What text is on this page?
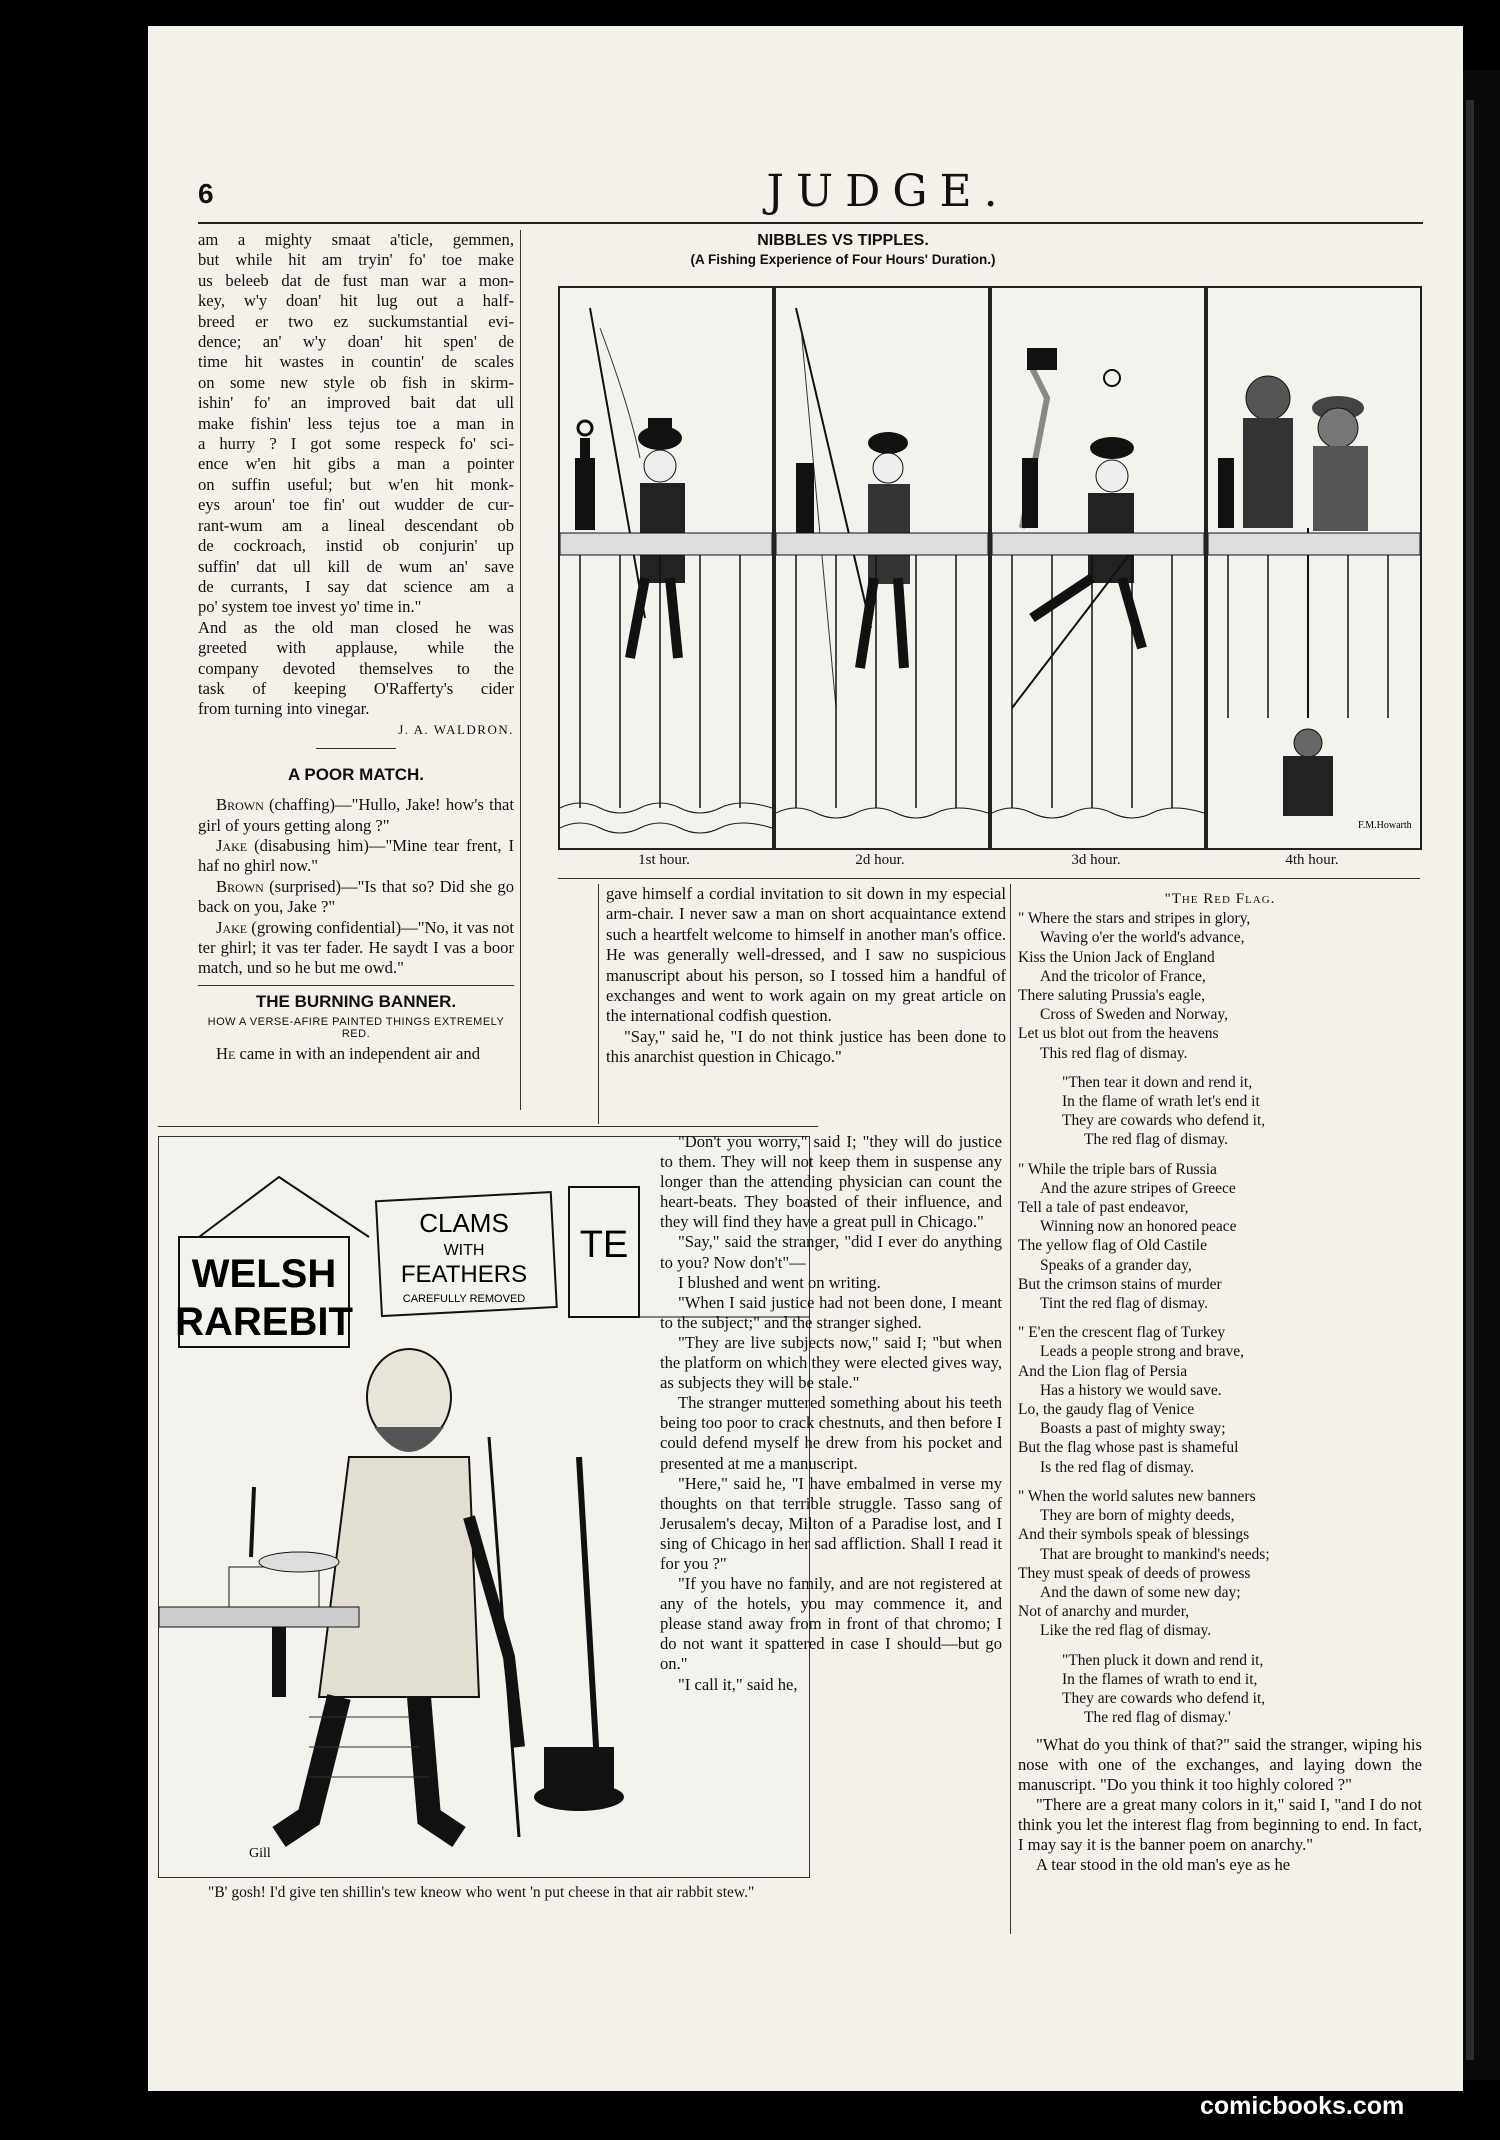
6	JUDGE.
am a mighty smaat a'ticle, gemmen,
but while hit am tryin' fo' toe make
us beleeb dat de fust man war a mon-
key, w'y doan' hit lug out a half-
breed er two ez suckumstantial evi-
dence; an' w'y doan' hit spen' de
time hit wastes in countin' de scales
on some new style ob fish in skirm-
ishin' fo' an improved bait dat ull
make fishin' less tejus toe a man in
a hurry ? I got some respeck fo' sci-
ence w'en hit gibs a man a pointer
on suffin useful; but w'en hit monk-
eys aroun' toe fin' out wudder de cur-
rant-wum am a lineal descendant ob
de cockroach, instid ob conjurin' up
suffin' dat ull kill de wum an' save
de currants, I say dat science am a
po' system toe invest yo' time in."
And as the old man closed he was
greeted with applause, while the
company devoted themselves to the
task of keeping O'Rafferty's cider
from turning into vinegar.

J. A. WALDRON.

A POOR MATCH.

Brown (chaffing)—"Hullo, Jake! how's that girl of yours getting along ?"

Jake (disabusing him)—"Mine tear frent, I haf no ghirl now."

Brown (surprised)—"Is that so? Did she go back on you, Jake ?"

Jake (growing confidential)—"No, it vas not ter ghirl; it vas ter fader. He saydt I vas a boor match, und so he but me owd."

THE BURNING BANNER.
HOW A VERSE-AFIRE PAINTED THINGS EXTREMELY RED.

He came in with an independent air and

NIBBLES VS TIPPLES.
(A Fishing Experience of Four Hours' Duration.)
F.M.Howarth
1st hour.	2d hour.	3d hour.	4th hour.

gave himself a cordial invitation to sit down in my especial arm-chair. I never saw a man on short acquaintance extend such a heartfelt welcome to himself in another man's office. He was generally well-dressed, and I saw no suspicious manuscript about his person, so I tossed him a handful of exchanges and went to work again on my great article on the international codfish question.

"Say," said he, "I do not think justice has been done to this anarchist question in Chicago."

WELSH
RAREBIT
CLAMS
WITH
FEATHERS
CAREFULLY REMOVED
TE
Gill
"B' gosh! I'd give ten shillin's tew kneow who went 'n put cheese in that air rabbit stew."

"Don't you worry," said I; "they will do justice to them. They will not keep them in suspense any longer than the attending physician can count the heart-beats. They boasted of their influence, and they will find they have a great pull in Chicago."

"Say," said the stranger, "did I ever do anything to you? Now don't"—

I blushed and went on writing.

"When I said justice had not been done, I meant to the subject;" and the stranger sighed.

"They are live subjects now," said I; "but when the platform on which they were elected gives way, as subjects they will be stale."

The stranger muttered something about his teeth being too poor to crack chestnuts, and then before I could defend myself he drew from his pocket and presented at me a manuscript.

"Here," said he, "I have embalmed in verse my thoughts on that terrible struggle. Tasso sang of Jerusalem's decay, Milton of a Paradise lost, and I sing of Chicago in her sad affliction. Shall I read it for you ?"

"If you have no family, and are not registered at any of the hotels, you may commence it, and please stand away from in front of that chromo; I do not want it spattered in case I should—but go on."

"I call it," said he,

"The Red Flag.

" Where the stars and stripes in glory,

Waving o'er the world's advance,

Kiss the Union Jack of England

And the tricolor of France,

There saluting Prussia's eagle,

Cross of Sweden and Norway,

Let us blot out from the heavens

This red flag of dismay.

"Then tear it down and rend it,

In the flame of wrath let's end it

They are cowards who defend it,

The red flag of dismay.

" While the triple bars of Russia

And the azure stripes of Greece

Tell a tale of past endeavor,

Winning now an honored peace

The yellow flag of Old Castile

Speaks of a grander day,

But the crimson stains of murder

Tint the red flag of dismay.

" E'en the crescent flag of Turkey

Leads a people strong and brave,

And the Lion flag of Persia

Has a history we would save.

Lo, the gaudy flag of Venice

Boasts a past of mighty sway;

But the flag whose past is shameful

Is the red flag of dismay.

" When the world salutes new banners

They are born of mighty deeds,

And their symbols speak of blessings

That are brought to mankind's needs;

They must speak of deeds of prowess

And the dawn of some new day;

Not of anarchy and murder,

Like the red flag of dismay.

"Then pluck it down and rend it,

In the flames of wrath to end it,

They are cowards who defend it,

The red flag of dismay.'

"What do you think of that?" said the stranger, wiping his nose with one of the exchanges, and laying down the manuscript. "Do you think it too highly colored ?"

"There are a great many colors in it," said I, "and I do not think you let the interest flag from beginning to end. In fact, I may say it is the banner poem on anarchy."

A tear stood in the old man's eye as he

comicbooks.com
